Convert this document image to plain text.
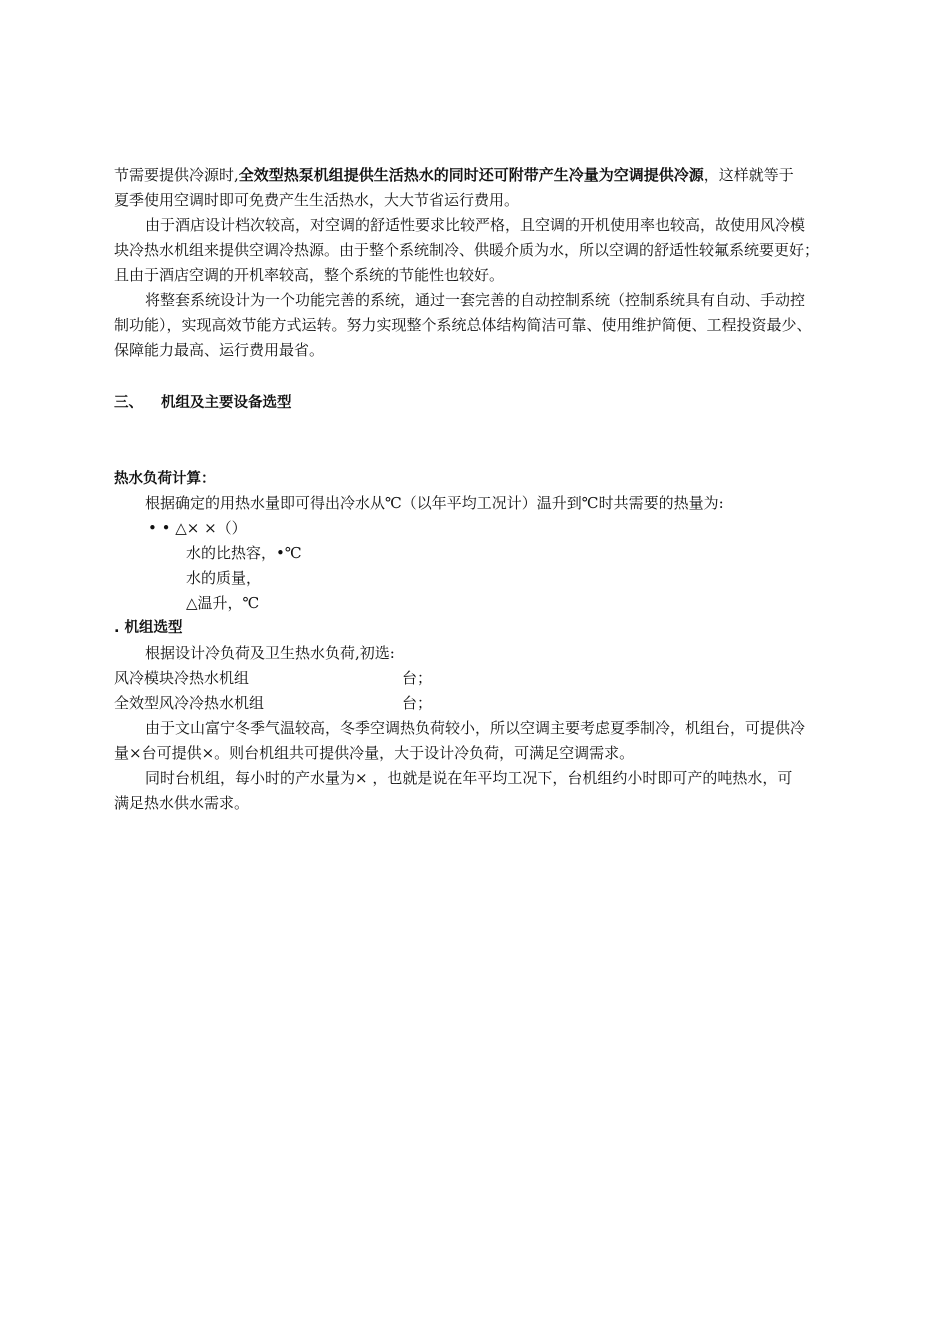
节需要提供冷源时,全效型热泵机组提供生活热水的同时还可附带产生冷量为空调提供冷源，这样就等于
夏季使用空调时即可免费产生生活热水，大大节省运行费用。
由于酒店设计档次较高，对空调的舒适性要求比较严格，且空调的开机使用率也较高，故使用风冷模
块冷热水机组来提供空调冷热源。由于整个系统制冷、供暖介质为水，所以空调的舒适性较氟系统要更好；
且由于酒店空调的开机率较高，整个系统的节能性也较好。
将整套系统设计为一个功能完善的系统，通过一套完善的自动控制系统（控制系统具有自动、手动控
制功能），实现高效节能方式运转。努力实现整个系统总体结构简洁可靠、使用维护简便、工程投资最少、
保障能力最高、运行费用最省。
三、 机组及主要设备选型
热水负荷计算：
根据确定的用热水量即可得出冷水从℃（以年平均工况计）温升到℃时共需要的热量为:
• • △× ×（）
水的比热容，•℃
水的质量，
△温升，℃
. 机组选型
根据设计冷负荷及卫生热水负荷,初选:
风冷模块冷热水机组	台；
全效型风冷冷热水机组	台；
由于文山富宁冬季气温较高，冬季空调热负荷较小，所以空调主要考虑夏季制冷，机组台，可提供冷
量×台可提供×。则台机组共可提供冷量，大于设计冷负荷，可满足空调需求。
同时台机组，每小时的产水量为× ，也就是说在年平均工况下，台机组约小时即可产的吨热水，可
满足热水供水需求。
